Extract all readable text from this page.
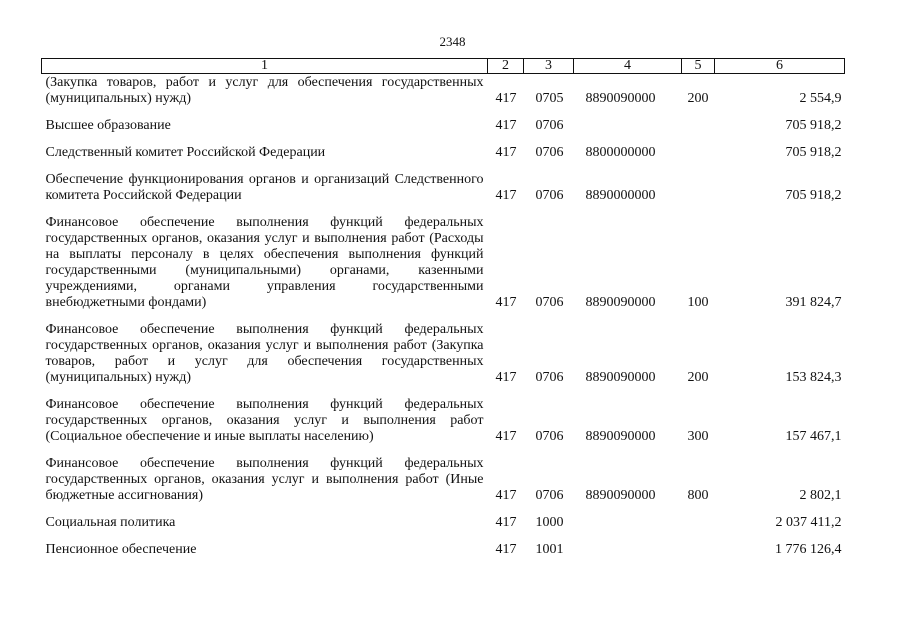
2348
1	2	3	4	5	6
(Закупка товаров, работ и услуг для обеспечения государственных (муниципальных) нужд)	417	0705	8890090000	200	2 554,9

Высшее образование	417	0706			705 918,2

Следственный комитет Российской Федерации	417	0706	8800000000		705 918,2

Обеспечение функционирования органов и организаций Следственного комитета Российской Федерации	417	0706	8890000000		705 918,2

Финансовое обеспечение выполнения функций федеральных государственных органов, оказания услуг и выполнения работ (Расходы на выплаты персоналу в целях обеспечения выполнения функций государственными (муниципальными) органами, казенными учреждениями, органами управления государственными внебюджетными фондами)	417	0706	8890090000	100	391 824,7

Финансовое обеспечение выполнения функций федеральных государственных органов, оказания услуг и выполнения работ (Закупка товаров, работ и услуг для обеспечения государственных (муниципальных) нужд)	417	0706	8890090000	200	153 824,3

Финансовое обеспечение выполнения функций федеральных государственных органов, оказания услуг и выполнения работ (Социальное обеспечение и иные выплаты населению)	417	0706	8890090000	300	157 467,1

Финансовое обеспечение выполнения функций федеральных государственных органов, оказания услуг и выполнения работ (Иные бюджетные ассигнования)	417	0706	8890090000	800	2 802,1

Социальная политика	417	1000			2 037 411,2

Пенсионное обеспечение	417	1001			1 776 126,4
